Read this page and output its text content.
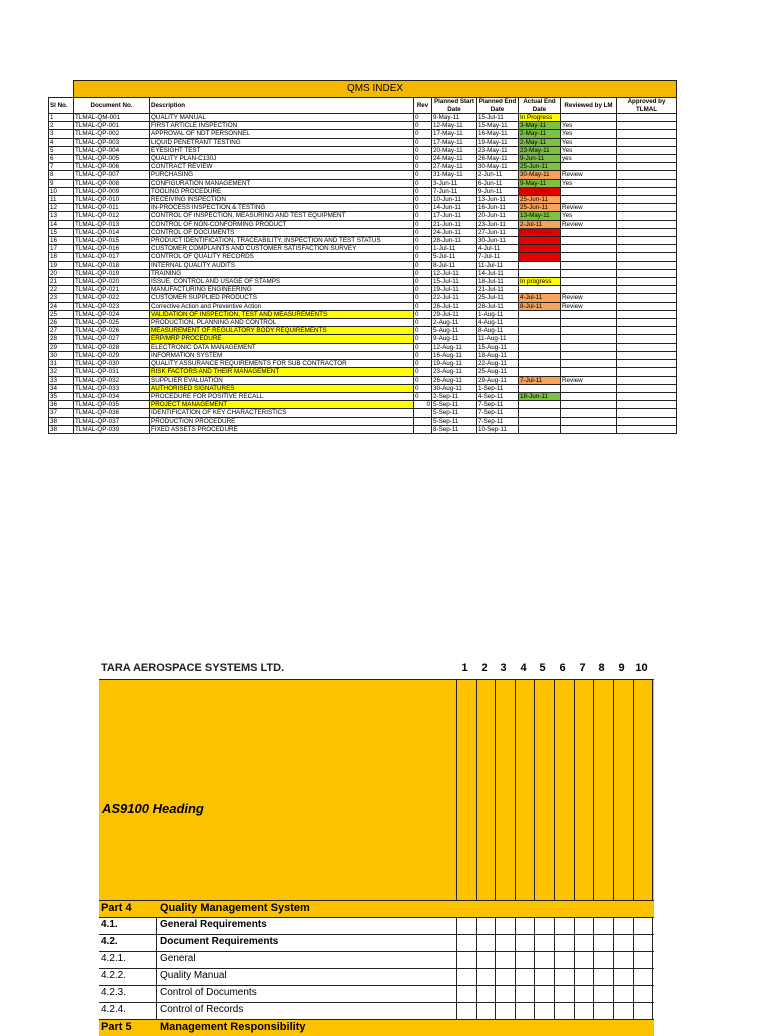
	QMS INDEX							
Sl No.	Document No.	Description	Rev	Planned Start Date	Planned End Date	Actual End Date	Reviewed by LM	Approved by TLMAL
1	TLMAL-QM-001	QUALITY MANUAL	0	9-May-11	15-Jul-11	In Progress		
2	TLMAL-QP-001	FIRST ARTICLE INSPECTION	0	12-May-11	15-May-11	3-May-11	Yes	
3	TLMAL-QP-002	APPROVAL OF NDT PERSONNEL	0	17-May-11	16-May-11	2-May-11	Yes	
4	TLMAL-QP-003	LIQUID PENETRANT TESTING	0	17-May-11	19-May-11	2-May-11	Yes	
5	TLMAL-QP-004	EYESIGHT TEST	0	20-May-11	23-May-11	23-May-11	Yes	
6	TLMAL-QP-005	QUALITY PLAN-C130J	0	24-May-11	26-May-11	9-Jun-11	yes	
7	TLMAL-QP-006	CONTRACT REVIEW	0	27-May-11	30-May-11	25-Jun-11		
8	TLMAL-QP-007	PURCHASING	0	31-May-11	2-Jun-11	30-May-11	Review	
9	TLMAL-QP-008	CONFIGURATION MANAGEMENT	0	3-Jun-11	6-Jun-11	9-May-11	Yes	
10	TLMAL-QP-009	TOOLING PROCEDURE	0	7-Jun-11	9-Jun-11	In progress		
11	TLMAL-QP-010	RECEIVING INSPECTION	0	10-Jun-11	13-Jun-11	25-Jun-11		
12	TLMAL-QP-011	IN-PROCESS INSPECTION & TESTING	0	14-Jun-11	16-Jun-11	25-Jun-11	Review	
13	TLMAL-QP-012	CONTROL OF INSPECTION, MEASURING AND TEST EQUIPMENT	0	17-Jun-11	20-Jun-11	13-May-11	Yes	
14	TLMAL-QP-013	CONTROL OF NON-CONFORMING PRODUCT	0	21-Jun-11	23-Jun-11	2-Jul-11	Review	
15	TLMAL-QP-014	CONTROL OF DOCUMENTS	0	24-Jun-11	27-Jun-11	In Progress		
16	TLMAL-QP-015	PRODUCT IDENTIFICATION, TRACEABILITY, INSPECTION AND TEST STATUS	0	28-Jun-11	30-Jun-11			
17	TLMAL-QP-016	CUSTOMER COMPLAINTS AND CUSTOMER SATISFACTION SURVEY	0	1-Jul-11	4-Jul-11			
18	TLMAL-QP-017	CONTROL OF QUALITY RECORDS	0	5-Jul-11	7-Jul-11			
19	TLMAL-QP-018	INTERNAL QUALITY AUDITS	0	8-Jul-11	11-Jul-11			
20	TLMAL-QP-019	TRAINING	0	12-Jul-11	14-Jul-11			
21	TLMAL-QP-020	ISSUE, CONTROL AND USAGE OF STAMPS	0	15-Jul-11	18-Jul-11	In progress		
22	TLMAL-QP-021	MANUFACTURING ENGINEERING	0	19-Jul-11	21-Jul-11			
23	TLMAL-QP-022	CUSTOMER SUPPLIED PRODUCTS	0	22-Jul-11	25-Jul-11	4-Jul-11	Review	
24	TLMAL-QP-023	Corrective Action and Preventive Action	0	26-Jul-11	28-Jul-11	8-Jul-11	Review	
25	TLMAL-QP-024	VALIDATION OF INSPECTION, TEST AND MEASUREMENTS	0	29-Jul-11	1-Aug-11			
26	TLMAL-QP-025	PRODUCTION, PLANNING AND CONTROL	0	2-Aug-11	4-Aug-11			
27	TLMAL-QP-026	MEASUREMENT OF REGULATORY BODY REQUIREMENTS	0	5-Aug-11	8-Aug-11			
28	TLMAL-QP-027	ERP/MRP PROCEDURE	0	9-Aug-11	11-Aug-11			
29	TLMAL-QP-028	ELECTRONIC DATA MANAGEMENT	0	12-Aug-11	15-Aug-11			
30	TLMAL-QP-029	INFORMATION SYSTEM	0	16-Aug-11	18-Aug-11			
31	TLMAL-QP-030	QUALITY ASSURANCE REQUIREMENTS FOR SUB CONTRACTOR	0	19-Aug-11	22-Aug-11			
32	TLMAL-QP-031	RISK FACTORS AND THEIR MANAGEMENT	0	23-Aug-11	25-Aug-11			
33	TLMAL-QP-032	SUPPLIER EVALUATION	0	26-Aug-11	29-Aug-11	7-Jul-11	Review	
34	TLMAL-QP-033	AUTHORISED SIGNATURES	0	30-Aug-11	1-Sep-11			
35	TLMAL-QP-034	PROCEDURE FOR POSITIVE RECALL	0	2-Sep-11	4-Sep-11	18-Jun-11		
36	TLMAL-QP-035	PROJECT MANAGEMENT	0	5-Sep-11	7-Sep-11			
37	TLMAL-QP-036	IDENTIFICATION OF KEY CHARACTERISTICS		5-Sep-11	7-Sep-11			
38	TLMAL-QP-037	PRODUCTION PROCEDURE		5-Sep-11	7-Sep-11			
38	TLMAL-QP-039	FIXED ASSETS PROCEDURE		8-Sep-11	10-Sep-11			
TARA AEROSPACE SYSTEMS LTD.	1	2	3	4	5	6	7	8	9 10
AS9100 Heading
Part 4	Quality Management System
4.1.	General Requirements
4.2.	Document Requirements
4.2.1.	General
4.2.2.	Quality Manual
4.2.3.	Control of Documents
4.2.4.	Control of Records
Part 5	Management Responsibility
